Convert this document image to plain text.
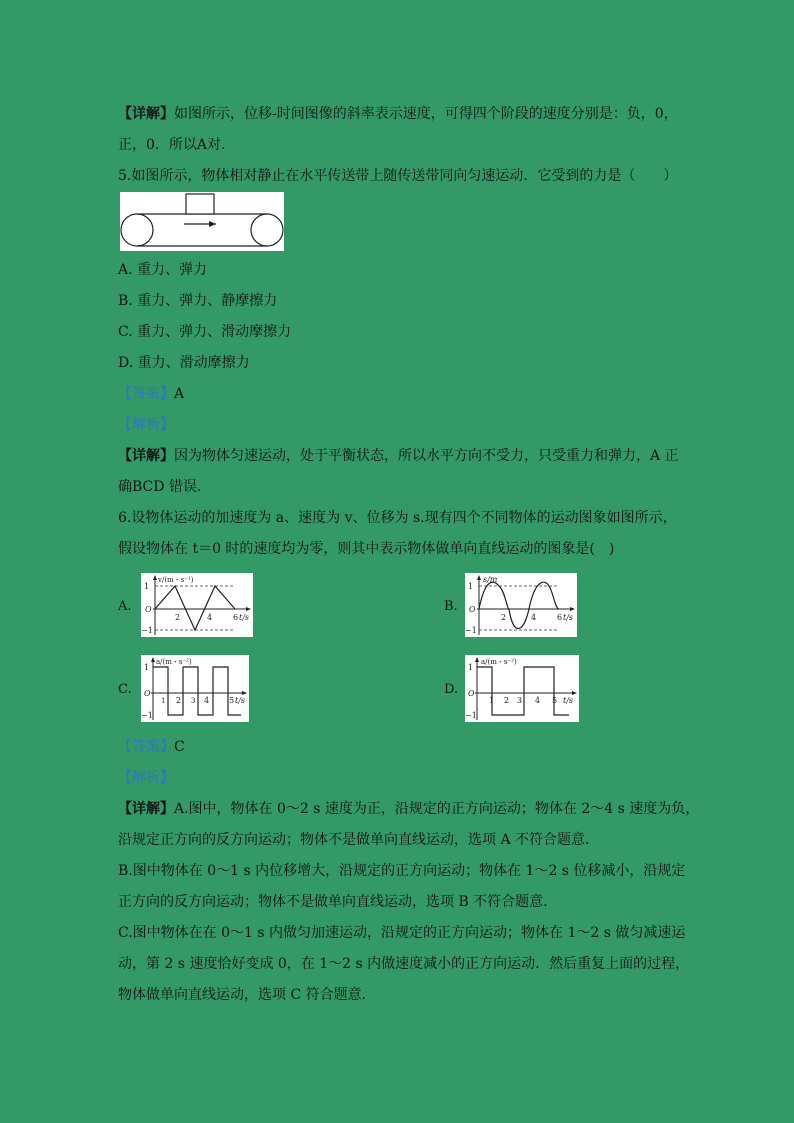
【详解】如图所示，位移-时间图像的斜率表示速度，可得四个阶段的速度分别是：负，0，
正，0．所以A对．
5.如图所示，物体相对静止在水平传送带上随传送带同向匀速运动．它受到的力是（　　）
A. 重力、弹力
B. 重力、弹力、静摩擦力
C. 重力、弹力、滑动摩擦力
D. 重力、滑动摩擦力
【答案】A
【解析】
【详解】因为物体匀速运动，处于平衡状态，所以水平方向不受力，只受重力和弹力，A 正
确BCD 错误．
6.设物体运动的加速度为 a、速度为 v、位移为 s.现有四个不同物体的运动图象如图所示，
假设物体在 t＝0 时的速度均为零，则其中表示物体做单向直线运动的图象是(　)
A.
v/(m・s⁻¹)
1
O
−1
2	4	6 t/s
B.
s/m
1
O
−1
2	4	6 t/s
C.
a/(m・s⁻²)
1
O
−1
1 2 3 4 5 t/s
D.
a/(m・s⁻²)
1
O
−1
1 2 3 4 5 t/s
【答案】C
【解析】
【详解】A.图中，物体在 0～2 s 速度为正，沿规定的正方向运动；物体在 2～4 s 速度为负，
沿规定正方向的反方向运动；物体不是做单向直线运动，选项 A 不符合题意．
B.图中物体在 0～1 s 内位移增大，沿规定的正方向运动；物体在 1～2 s 位移减小，沿规定
正方向的反方向运动；物体不是做单向直线运动，选项 B 不符合题意．
C.图中物体在在 0～1 s 内做匀加速运动，沿规定的正方向运动；物体在 1～2 s 做匀减速运
动，第 2 s 速度恰好变成 0，在 1～2 s 内做速度减小的正方向运动．然后重复上面的过程，
物体做单向直线运动，选项 C 符合题意．
